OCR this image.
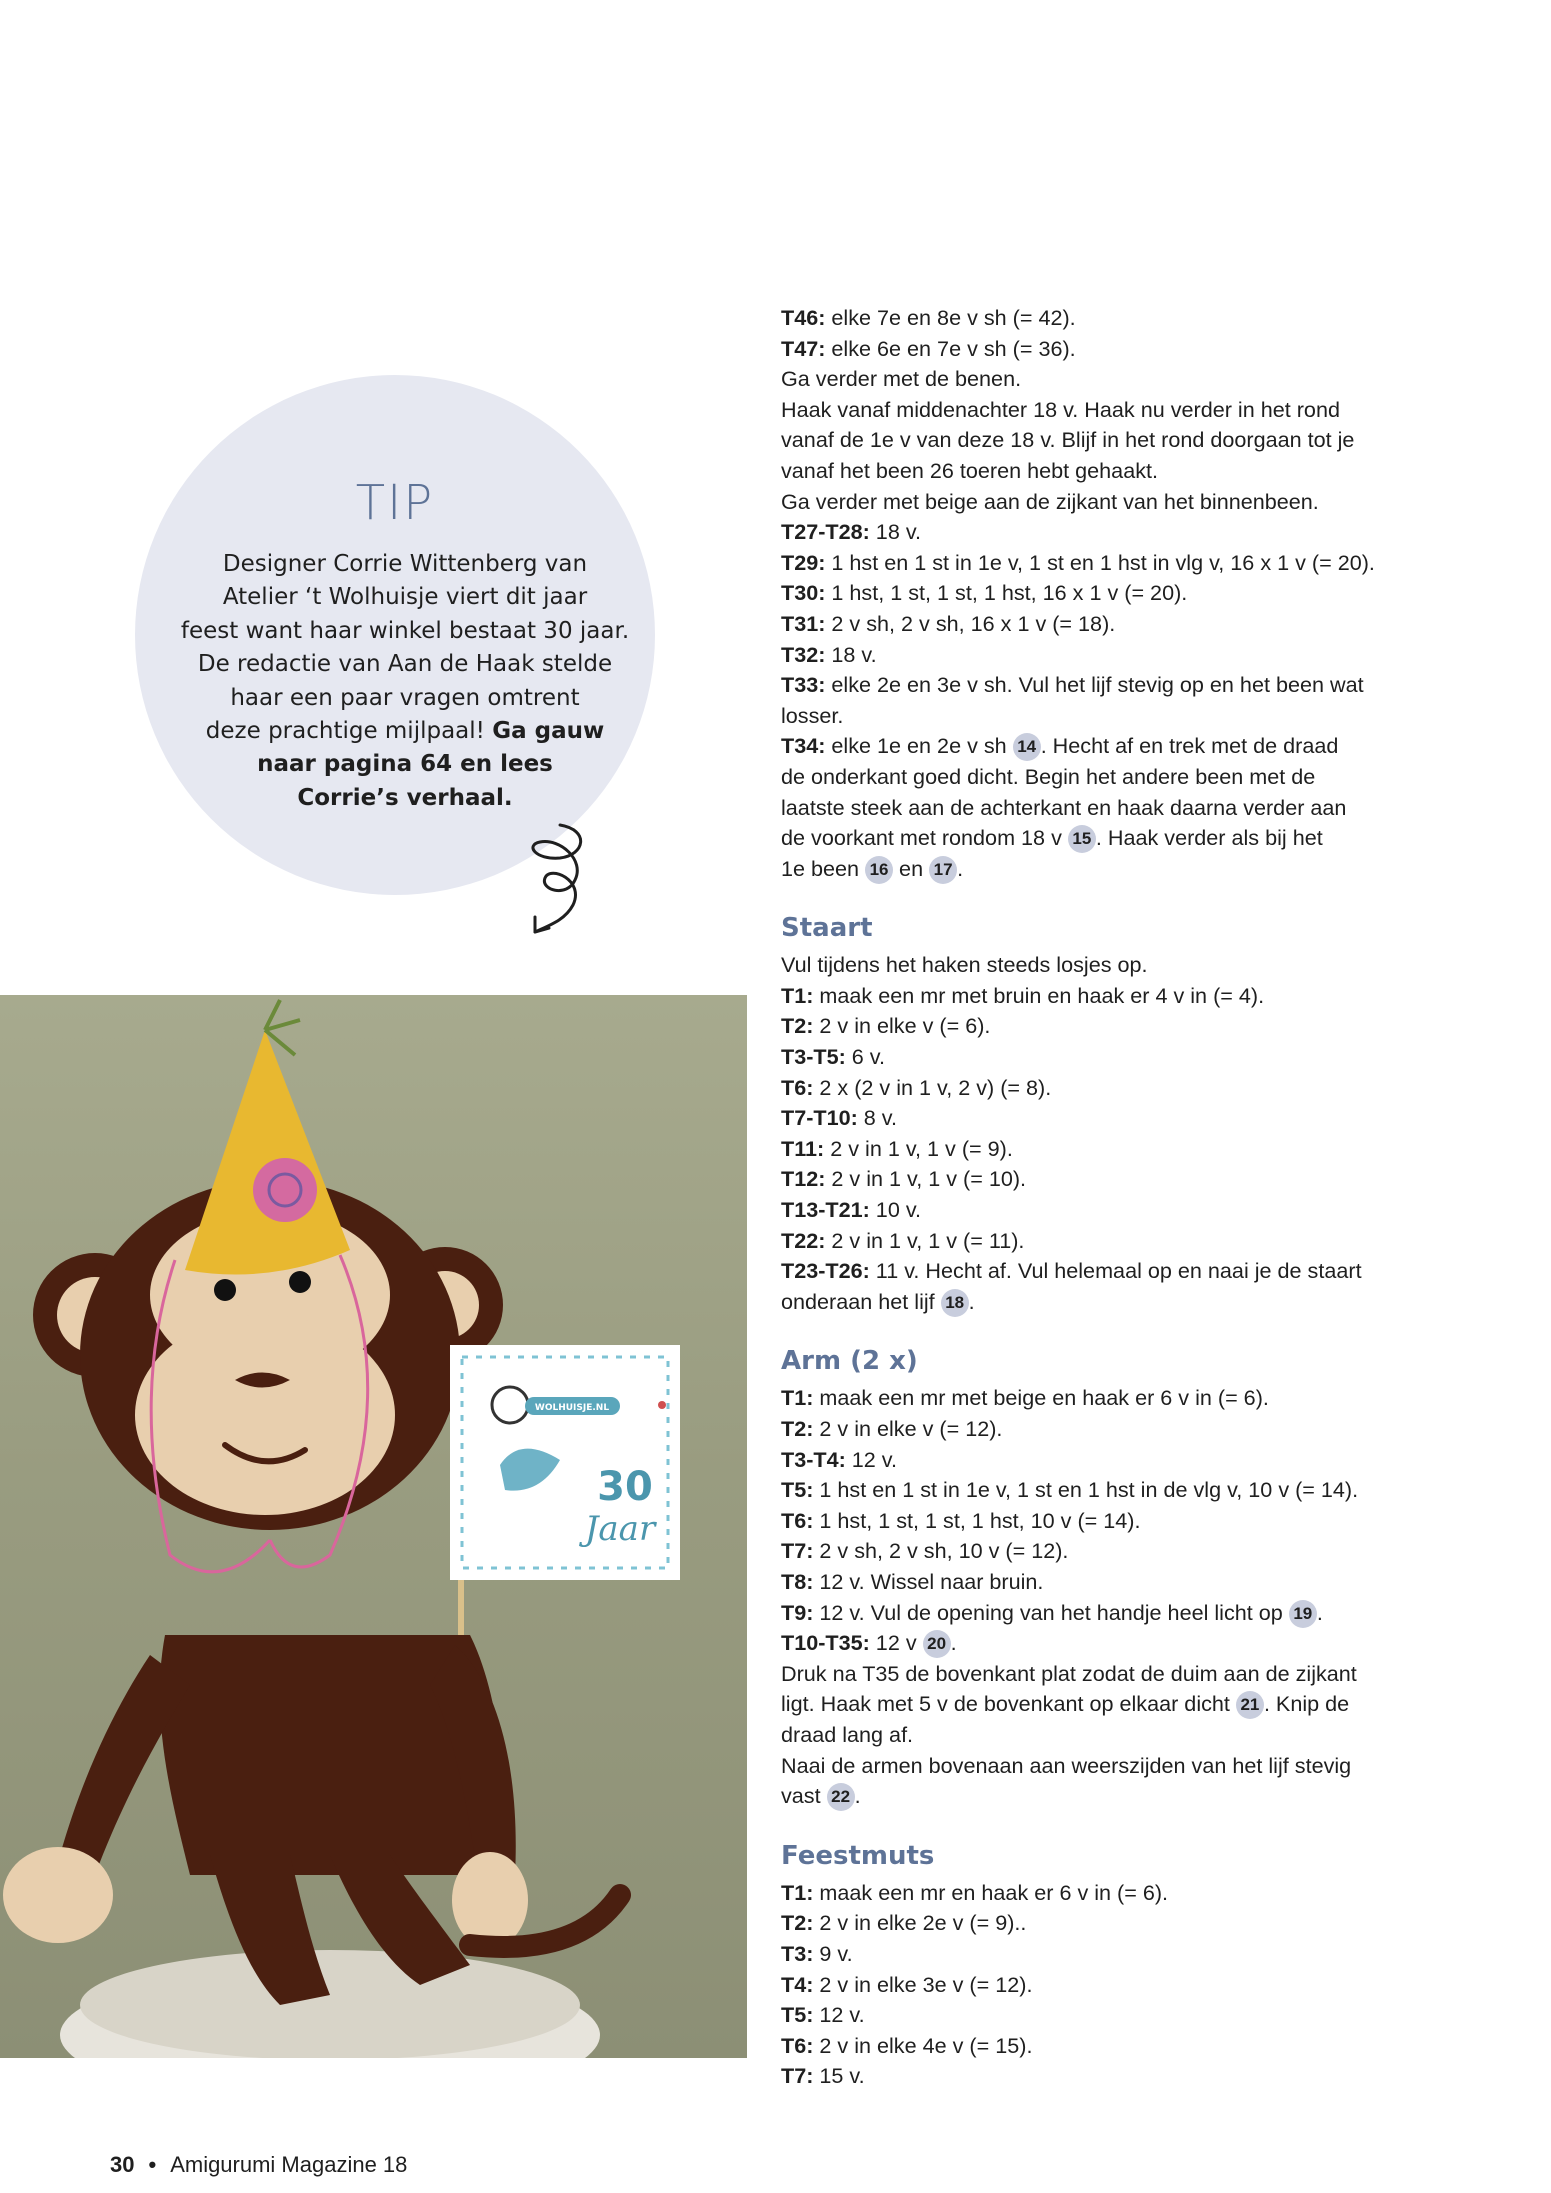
TIP
Designer Corrie Wittenberg van
Atelier ‘t Wolhuisje viert dit jaar
feest want haar winkel bestaat 30 jaar.
De redactie van Aan de Haak stelde
haar een paar vragen omtrent
deze prachtige mijlpaal! Ga gauw
naar pagina 64 en lees
Corrie’s verhaal.
WOLHUISJE.NL
30
Jaar
T46: elke 7e en 8e v sh (= 42).
T47: elke 6e en 7e v sh (= 36).
Ga verder met de benen.
Haak vanaf middenachter 18 v. Haak nu verder in het rond
vanaf de 1e v van deze 18 v. Blijf in het rond doorgaan tot je
vanaf het been 26 toeren hebt gehaakt.
Ga verder met beige aan de zijkant van het binnenbeen.
T27-T28: 18 v.
T29: 1 hst en 1 st in 1e v, 1 st en 1 hst in vlg v, 16 x 1 v (= 20).
T30: 1 hst, 1 st, 1 st, 1 hst, 16 x 1 v (= 20).
T31: 2 v sh, 2 v sh, 16 x 1 v (= 18).
T32: 18 v.
T33: elke 2e en 3e v sh. Vul het lijf stevig op en het been wat
losser.
T34: elke 1e en 2e v sh 14 . Hecht af en trek met de draad
de onderkant goed dicht. Begin het andere been met de
laatste steek aan de achterkant en haak daarna verder aan
de voorkant met rondom 18 v 15 . Haak verder als bij het
1e been 16 en 17 .
Staart
Vul tijdens het haken steeds losjes op.
T1: maak een mr met bruin en haak er 4 v in (= 4).
T2: 2 v in elke v (= 6).
T3-T5: 6 v.
T6: 2 x (2 v in 1 v, 2 v) (= 8).
T7-T10: 8 v.
T11: 2 v in 1 v, 1 v (= 9).
T12: 2 v in 1 v, 1 v (= 10).
T13-T21: 10 v.
T22: 2 v in 1 v, 1 v (= 11).
T23-T26: 11 v. Hecht af. Vul helemaal op en naai je de staart
onderaan het lijf 18 .
Arm (2 x)
T1: maak een mr met beige en haak er 6 v in (= 6).
T2: 2 v in elke v (= 12).
T3-T4: 12 v.
T5: 1 hst en 1 st in 1e v, 1 st en 1 hst in de vlg v, 10 v (= 14).
T6: 1 hst, 1 st, 1 st, 1 hst, 10 v (= 14).
T7: 2 v sh, 2 v sh, 10 v (= 12).
T8: 12 v. Wissel naar bruin.
T9: 12 v. Vul de opening van het handje heel licht op 19 .
T10-T35: 12 v 20 .
Druk na T35 de bovenkant plat zodat de duim aan de zijkant
ligt. Haak met 5 v de bovenkant op elkaar dicht 21 . Knip de
draad lang af.
Naai de armen bovenaan aan weerszijden van het lijf stevig
vast 22 .
Feestmuts
T1: maak een mr en haak er 6 v in (= 6).
T2: 2 v in elke 2e v (= 9)..
T3: 9 v.
T4: 2 v in elke 3e v (= 12).
T5: 12 v.
T6: 2 v in elke 4e v (= 15).
T7: 15 v.
30 • Amigurumi Magazine 18
